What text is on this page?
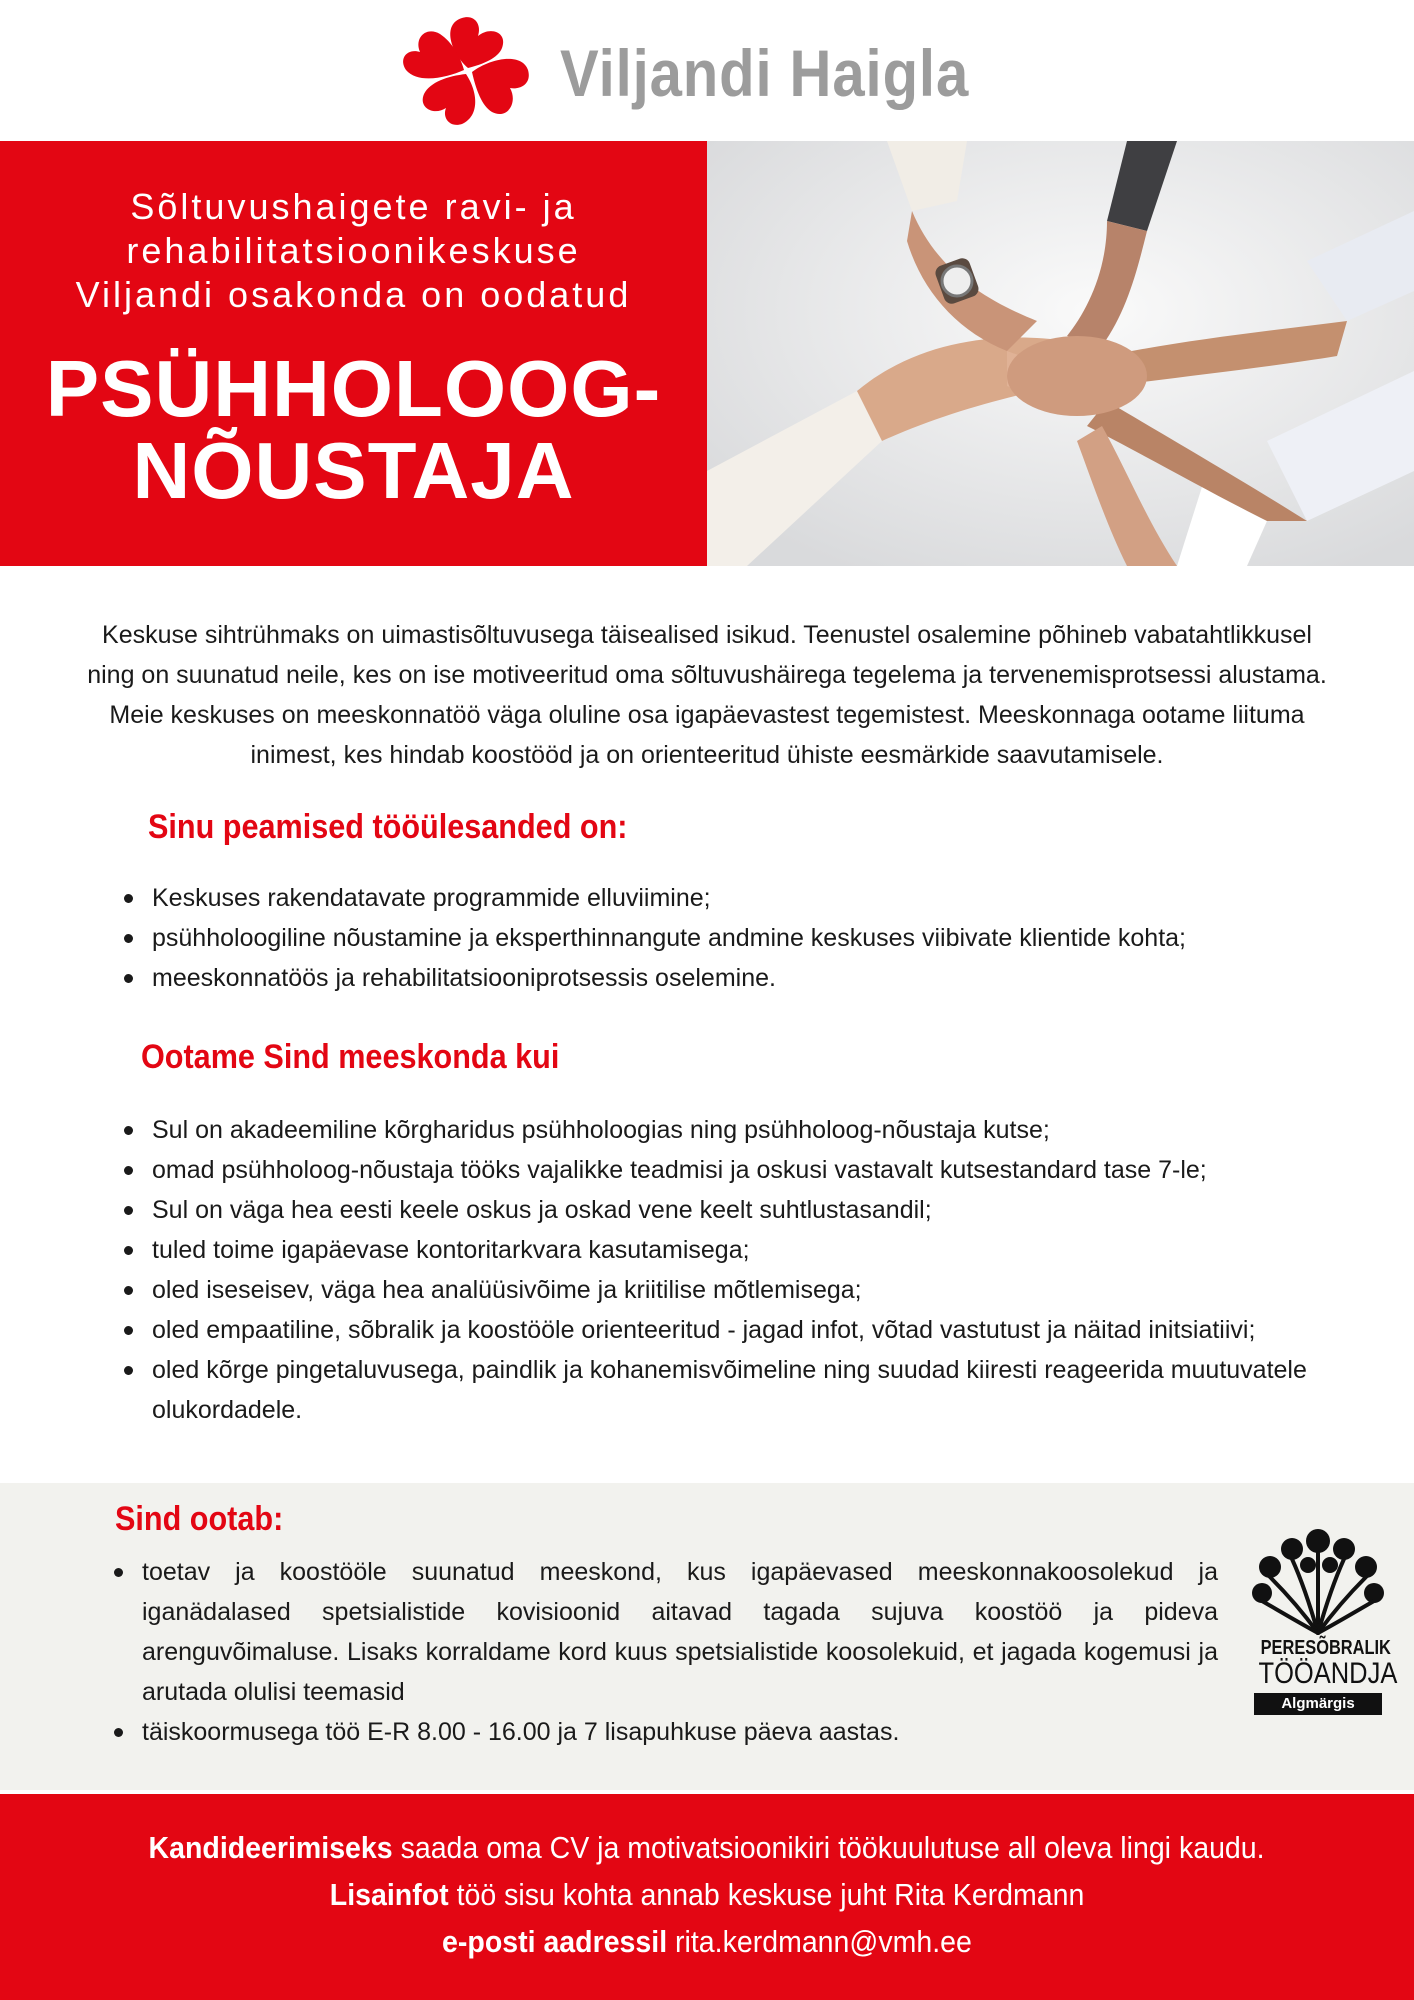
Viljandi Haigla
Sõltuvushaigete ravi- ja
rehabilitatsioonikeskuse
Viljandi osakonda on oodatud
PSÜHHOLOOG-
NÕUSTAJA
Keskuse sihtrühmaks on uimastisõltuvusega täisealised isikud. Teenustel osalemine põhineb vabatahtlikkusel
ning on suunatud neile, kes on ise motiveeritud oma sõltuvushäirega tegelema ja tervenemisprotsessi alustama.
Meie keskuses on meeskonnatöö väga oluline osa igapäevastest tegemistest. Meeskonnaga ootame liituma
inimest, kes hindab koostööd ja on orienteeritud ühiste eesmärkide saavutamisele.
Sinu peamised tööülesanded on:
Keskuses rakendatavate programmide elluviimine;
psühholoogiline nõustamine ja eksperthinnangute andmine keskuses viibivate klientide kohta;
meeskonnatöös ja rehabilitatsiooniprotsessis oselemine.
Ootame Sind meeskonda kui
Sul on akadeemiline kõrgharidus psühholoogias ning psühholoog-nõustaja kutse;
omad psühholoog-nõustaja tööks vajalikke teadmisi ja oskusi vastavalt kutsestandard tase 7-le;
Sul on väga hea eesti keele oskus ja oskad vene keelt suhtlustasandil;
tuled toime igapäevase kontoritarkvara kasutamisega;
oled iseseisev, väga hea analüüsivõime ja kriitilise mõtlemisega;
oled empaatiline, sõbralik ja koostööle orienteeritud - jagad infot, võtad vastutust ja näitad initsiatiivi;
oled kõrge pingetaluvusega, paindlik ja kohanemisvõimeline ning suudad kiiresti reageerida muutuvatele olukordadele.
Sind ootab:
toetav ja koostööle suunatud meeskond, kus igapäevased meeskonnakoosolekud ja iganädalased spetsialistide kovisioonid aitavad tagada sujuva koostöö ja pideva arenguvõimaluse. Lisaks korraldame kord kuus spetsialistide koosolekuid, et jagada kogemusi ja arutada olulisi teemasid
täiskoormusega töö E-R 8.00 - 16.00 ja 7 lisapuhkuse päeva aastas.
PERESÕBRALIK
TÖÖANDJA
Algmärgis
Kandideerimiseks saada oma CV ja motivatsioonikiri töökuulutuse all oleva lingi kaudu.
Lisainfot töö sisu kohta annab keskuse juht Rita Kerdmann
e-posti aadressil rita.kerdmann@vmh.ee
